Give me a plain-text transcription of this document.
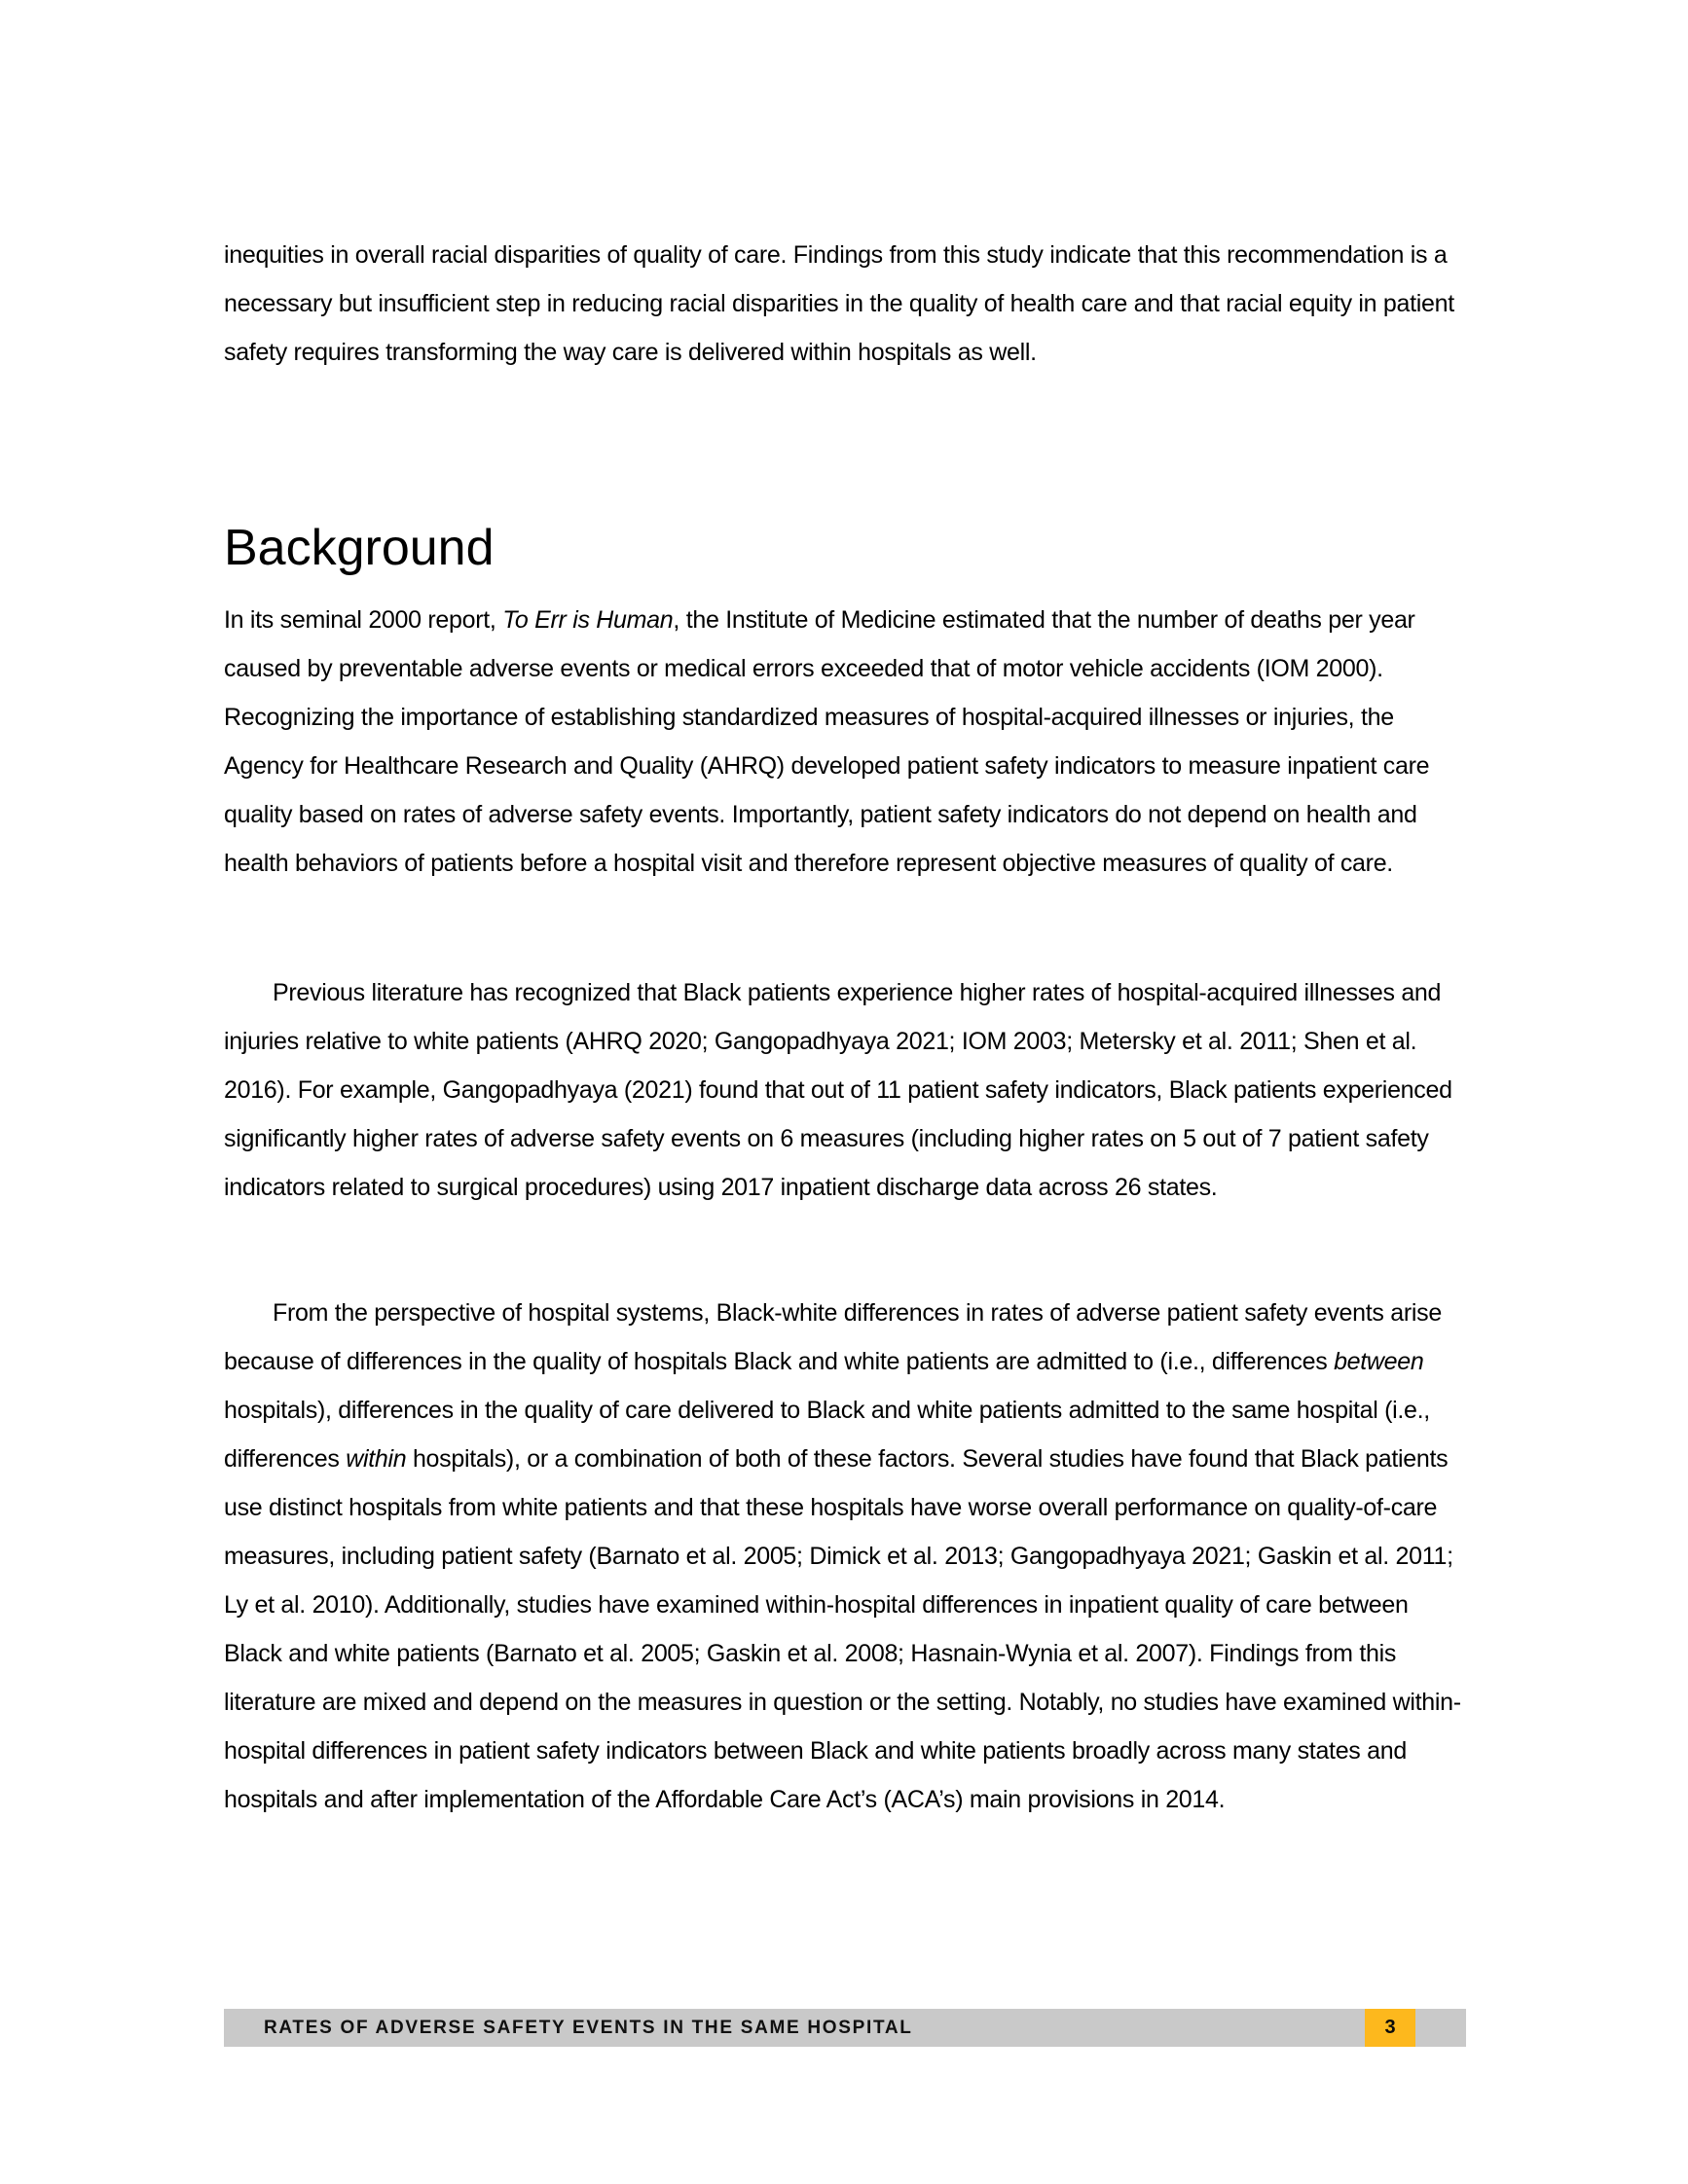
inequities in overall racial disparities of quality of care. Findings from this study indicate that this recommendation is a necessary but insufficient step in reducing racial disparities in the quality of health care and that racial equity in patient safety requires transforming the way care is delivered within hospitals as well.

Background

In its seminal 2000 report, To Err is Human, the Institute of Medicine estimated that the number of deaths per year caused by preventable adverse events or medical errors exceeded that of motor vehicle accidents (IOM 2000). Recognizing the importance of establishing standardized measures of hospital-acquired illnesses or injuries, the Agency for Healthcare Research and Quality (AHRQ) developed patient safety indicators to measure inpatient care quality based on rates of adverse safety events. Importantly, patient safety indicators do not depend on health and health behaviors of patients before a hospital visit and therefore represent objective measures of quality of care.

Previous literature has recognized that Black patients experience higher rates of hospital-acquired illnesses and injuries relative to white patients (AHRQ 2020; Gangopadhyaya 2021; IOM 2003; Metersky et al. 2011; Shen et al. 2016). For example, Gangopadhyaya (2021) found that out of 11 patient safety indicators, Black patients experienced significantly higher rates of adverse safety events on 6 measures (including higher rates on 5 out of 7 patient safety indicators related to surgical procedures) using 2017 inpatient discharge data across 26 states.

From the perspective of hospital systems, Black-white differences in rates of adverse patient safety events arise because of differences in the quality of hospitals Black and white patients are admitted to (i.e., differences between hospitals), differences in the quality of care delivered to Black and white patients admitted to the same hospital (i.e., differences within hospitals), or a combination of both of these factors. Several studies have found that Black patients use distinct hospitals from white patients and that these hospitals have worse overall performance on quality-of-care measures, including patient safety (Barnato et al. 2005; Dimick et al. 2013; Gangopadhyaya 2021; Gaskin et al. 2011; Ly et al. 2010). Additionally, studies have examined within-hospital differences in inpatient quality of care between Black and white patients (Barnato et al. 2005; Gaskin et al. 2008; Hasnain-Wynia et al. 2007). Findings from this literature are mixed and depend on the measures in question or the setting. Notably, no studies have examined within-hospital differences in patient safety indicators between Black and white patients broadly across many states and hospitals and after implementation of the Affordable Care Act’s (ACA’s) main provisions in 2014.

RATES OF ADVERSE SAFETY EVENTS IN THE SAME HOSPITAL	3
